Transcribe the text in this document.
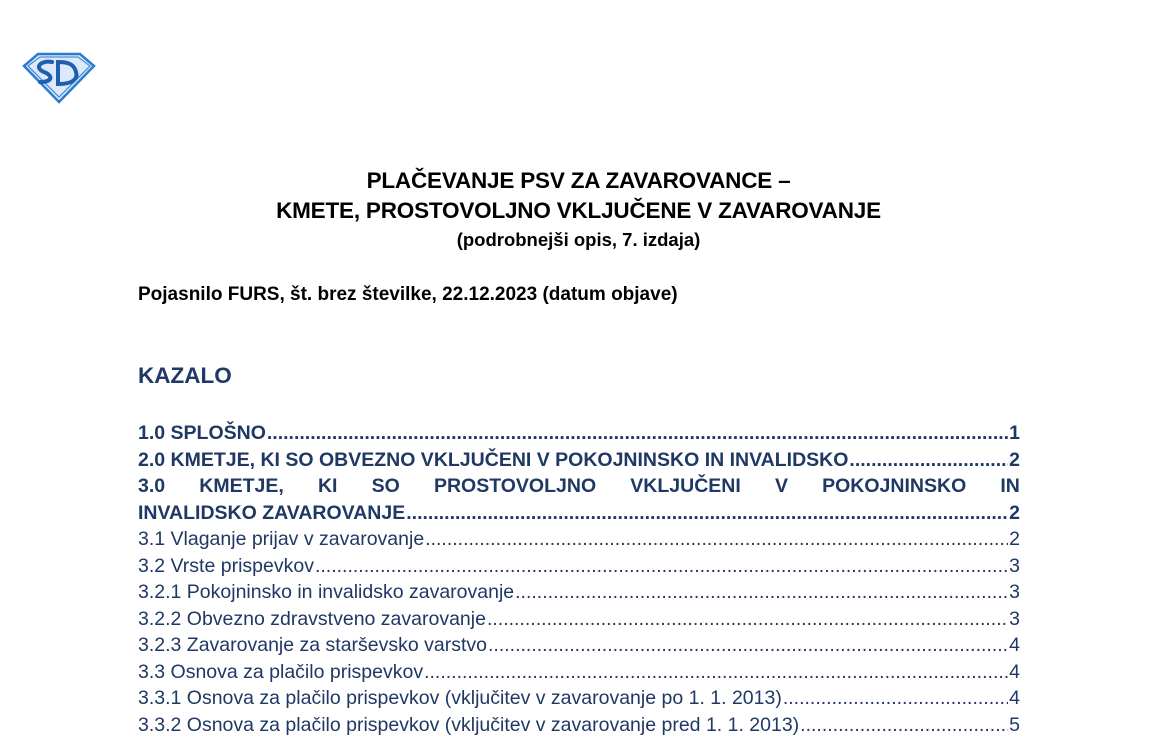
PLAČEVANJE PSV ZA ZAVAROVANCE –
KMETE, PROSTOVOLJNO VKLJUČENE V ZAVAROVANJE
(podrobnejši opis, 7. izdaja)
Pojasnilo FURS, št. brez številke, 22.12.2023 (datum objave)
KAZALO
1.0 SPLOŠNO .....	1
2.0 KMETJE, KI SO OBVEZNO VKLJUČENI V POKOJNINSKO IN INVALIDSKO .....	2
3.0 KMETJE, KI SO PROSTOVOLJNO VKLJUČENI V POKOJNINSKO IN
INVALIDSKO ZAVAROVANJE .....	2
3.1 Vlaganje prijav v zavarovanje .....	2
3.2 Vrste prispevkov .....	3
3.2.1 Pokojninsko in invalidsko zavarovanje .....	3
3.2.2 Obvezno zdravstveno zavarovanje .....	3
3.2.3 Zavarovanje za starševsko varstvo .....	4
3.3 Osnova za plačilo prispevkov .....	4
3.3.1 Osnova za plačilo prispevkov (vključitev v zavarovanje po 1. 1. 2013) .....	4
3.3.2 Osnova za plačilo prispevkov (vključitev v zavarovanje pred 1. 1. 2013) .....	5
